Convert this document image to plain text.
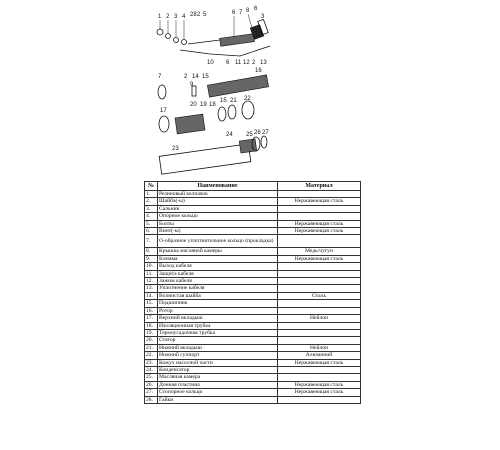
1 2 3 4 28 2 5	6 7 8 6
3
10 6 11 12 2 13
16
7	2 14 15
9
19 18
15 21 22
17
20
24 25 26 27
23
№	Наименование	Материал
1.	Резиновый колпачок	
2.	Шайба(-ы)	Нержавеющая сталь
3.	Сальник	
4.	Опорное кольцо	
5.	Болты	Нержавеющая сталь
6.	Винт(-ы)	Нержавеющая сталь
7.	О-образное уплотнительное кольцо (прокладка)	
8.	Крышка масляной камеры	Медь/чугун
9.	Клемма	Нержавеющая сталь
10.	Выход кабеля	
11.	Защита кабеля	
12.	Зажим кабеля	
13.	Уплотнение кабеля	
14.	Волнистая шайба	Сталь
15.	Подшипник	
16.	Ротор	
17.	Верхний вкладыш	Нейлон
18.	Изоляционная трубка	
19.	Термоусадочная трубка	
20.	Статор	
21.	Нижний вкладыш	Нейлон
22.	Нижний суппорт	Алюминий
23.	Кожух насосной части	Нержавеющая сталь
24.	Конденсатор	
25.	Масляная камера	
26.	Донная пластина	Нержавеющая сталь
27.	Стопорное кольцо	Нержавеющая сталь
28.	Гайки	
